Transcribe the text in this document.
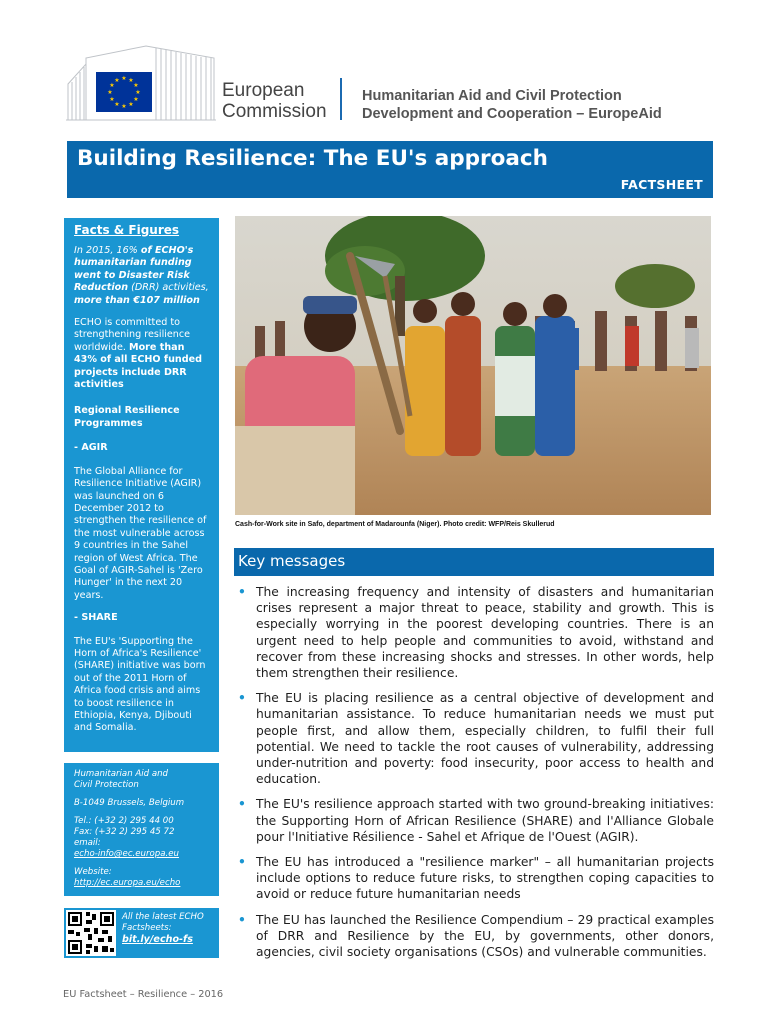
★ ★
★
★
★
★
★
★
★
★
★
★	European
Commission
Humanitarian Aid and Civil Protection
Development and Cooperation – EuropeAid
Building Resilience: The EU's approach
FACTSHEET
Facts & Figures

In 2015, 16% of ECHO's humanitarian funding went to Disaster Risk Reduction (DRR) activities, more than €107 million

ECHO is committed to strengthening resilience worldwide. More than 43% of all ECHO funded projects include DRR activities

Regional Resilience Programmes
- AGIR

The Global Alliance for Resilience Initiative (AGIR) was launched on 6 December 2012 to strengthen the resilience of the most vulnerable across 9 countries in the Sahel region of West Africa. The Goal of AGIR-Sahel is 'Zero Hunger' in the next 20 years.

- SHARE

The EU's 'Supporting the Horn of Africa's Resilience' (SHARE) initiative was born out of the 2011 Horn of Africa food crisis and aims to boost resilience in Ethiopia, Kenya, Djibouti and Somalia.

Humanitarian Aid and
Civil Protection

B-1049 Brussels, Belgium

Tel.: (+32 2) 295 44 00
Fax: (+32 2) 295 45 72
email:

echo-info@ec.europa.eu

Website:
http://ec.europa.eu/echo
All the latest ECHO
Factsheets:
bit.ly/echo-fs
Cash-for-Work site in Safo, department of Madarounfa (Niger). Photo credit: WFP/Reis Skullerud
Key messages
• The increasing frequency and intensity of disasters and humanitarian crises represent a major threat to peace, stability and growth. This is especially worrying in the poorest developing countries. There is an urgent need to help people and communities to avoid, withstand and recover from these increasing shocks and stresses. In other words, help them strengthen their resilience.
• The EU is placing resilience as a central objective of development and humanitarian assistance. To reduce humanitarian needs we must put people first, and allow them, especially children, to fulfil their full potential. We need to tackle the root causes of vulnerability, addressing under-nutrition and poverty: food insecurity, poor access to health and education.
• The EU's resilience approach started with two ground-breaking initiatives: the Supporting Horn of African Resilience (SHARE) and l'Alliance Globale pour l'Initiative Résilience - Sahel et Afrique de l'Ouest (AGIR).
• The EU has introduced a "resilience marker" – all humanitarian projects include options to reduce future risks, to strengthen coping capacities to avoid or reduce future humanitarian needs
• The EU has launched the Resilience Compendium – 29 practical examples of DRR and Resilience by the EU, by governments, other donors, agencies, civil society organisations (CSOs) and vulnerable communities.
EU Factsheet – Resilience – 2016
